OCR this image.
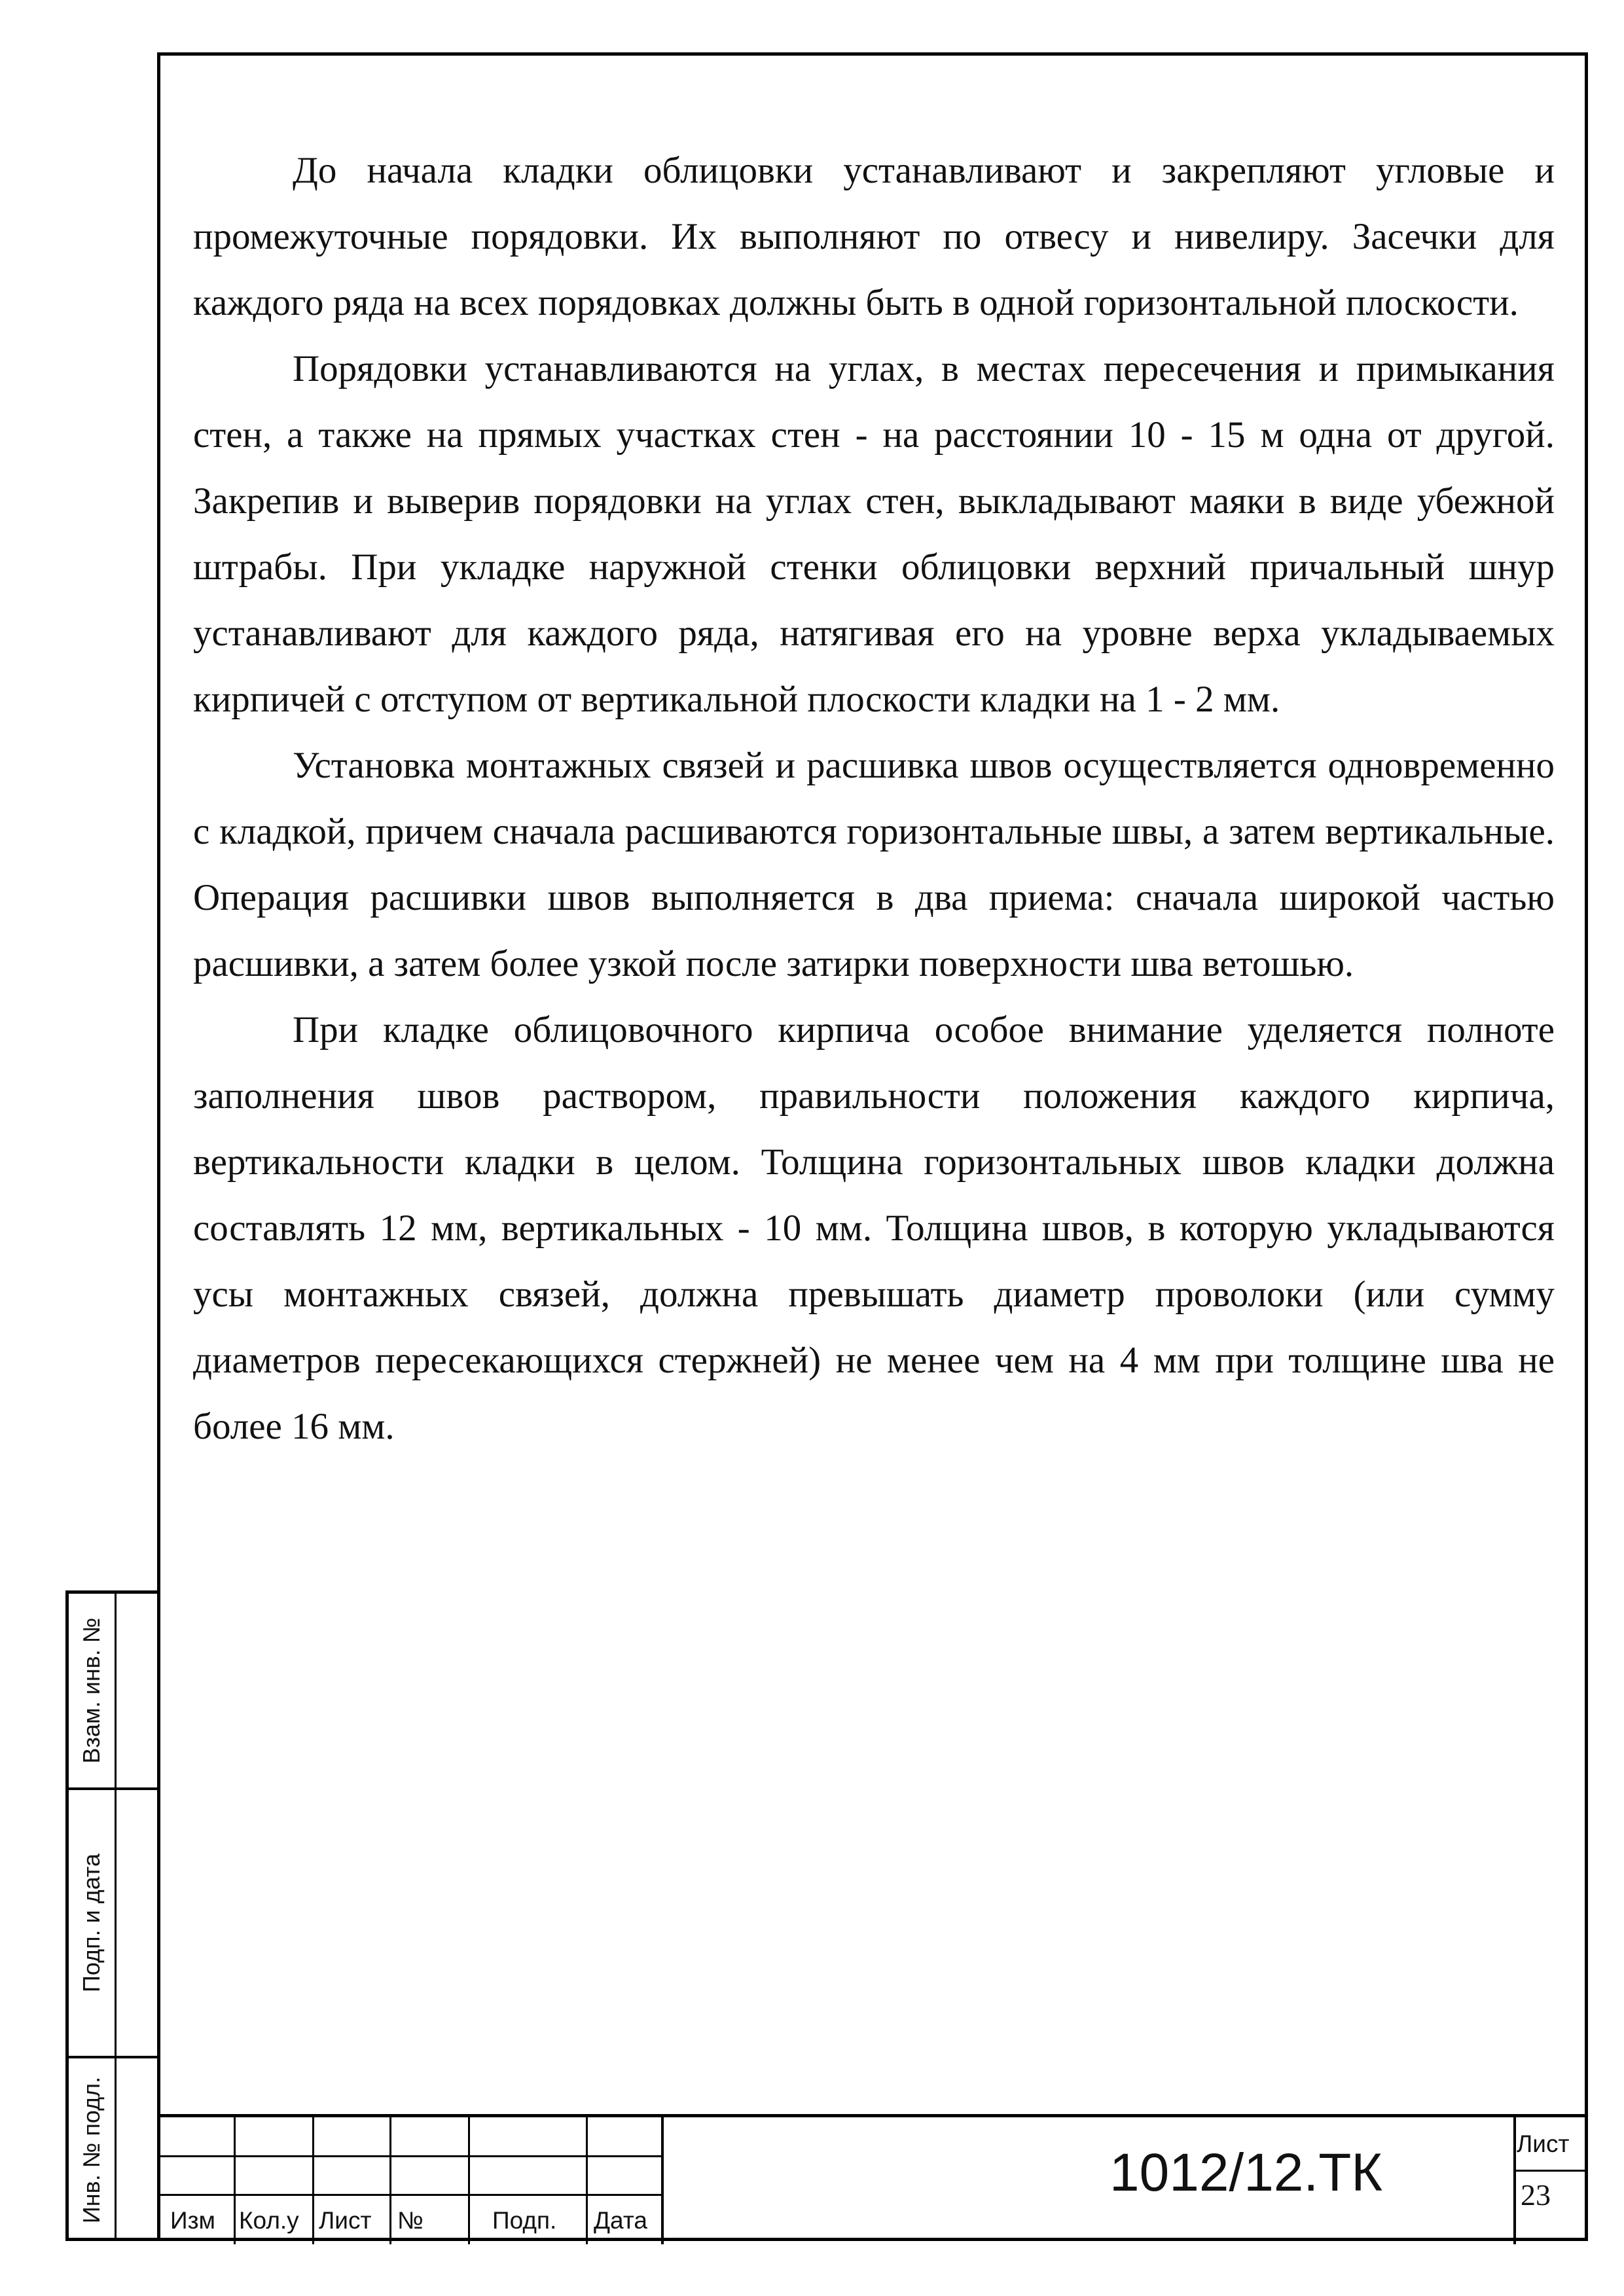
До начала кладки облицовки устанавливают и закрепляют угловые и промежуточные порядовки. Их выполняют по отвесу и нивелиру. Засечки для каждого ряда на всех порядовках должны быть в одной горизонтальной плоскости.

Порядовки устанавливаются на углах, в местах пересечения и примыкания стен, а также на прямых участках стен - на расстоянии 10 - 15 м одна от другой. Закрепив и выверив порядовки на углах стен, выкладывают маяки в виде убежной штрабы. При укладке наружной стенки облицовки верхний причальный шнур устанавливают для каждого ряда, натягивая его на уровне верха укладываемых кирпичей с отступом от вертикальной плоскости кладки на 1 - 2 мм.

Установка монтажных связей и расшивка швов осуществляется одновременно с кладкой, причем сначала расшиваются горизонтальные швы, а затем вертикальные. Операция расшивки швов выполняется в два приема: сначала широкой частью расшивки, а затем более узкой после затирки поверхности шва ветошью.

При кладке облицовочного кирпича особое внимание уделяется полноте заполнения швов раствором, правильности положения каждого кирпича, вертикальности кладки в целом. Толщина горизонтальных швов кладки должна составлять 12 мм, вертикальных - 10 мм. Толщина швов, в которую укладываются усы монтажных связей, должна превышать диаметр проволоки (или сумму диаметров пересекающихся стержней) не менее чем на 4 мм при толщине шва не более 16 мм.

Взам. инв. №
Подп. и дата
Инв. № подл.	Изм Кол.у Лист №	Подп. Дата
1012/12.ТК	Лист
23
